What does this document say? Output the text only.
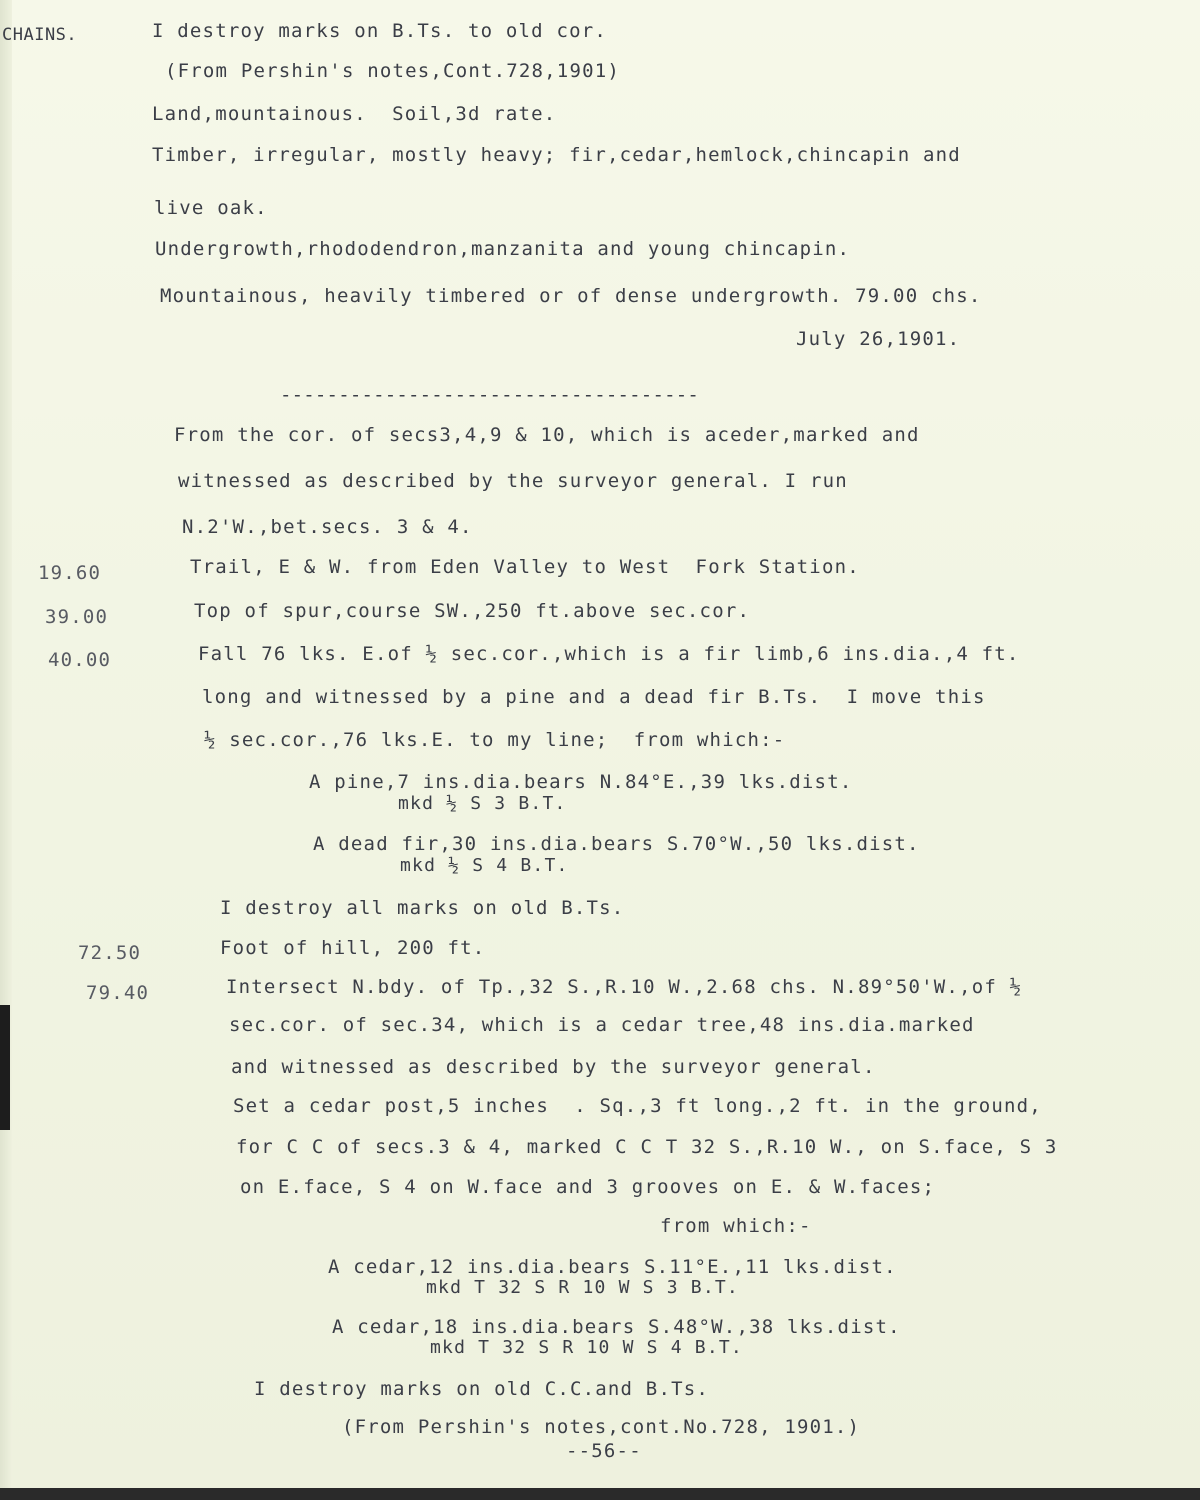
CHAINS.	I destroy marks on B.Ts. to old cor.
(From Pershin's notes,Cont.728,1901)
Land,mountainous.  Soil,3d rate.
Timber, irregular, mostly heavy; fir,cedar,hemlock,chincapin and
live oak.
Undergrowth,rhododendron,manzanita and young chincapin.
Mountainous, heavily timbered or of dense undergrowth. 79.00 chs.
July 26,1901.
------------------------------------
From the cor. of secs3,4,9 & 10, which is aceder,marked and
witnessed as described by the surveyor general. I run
N.2'W.,bet.secs. 3 & 4.
19.60	Trail, E & W. from Eden Valley to West  Fork Station.
39.00	Top of spur,course SW.,250 ft.above sec.cor.
40.00	Fall 76 lks. E.of ½ sec.cor.,which is a fir limb,6 ins.dia.,4 ft.
long and witnessed by a pine and a dead fir B.Ts.  I move this
½ sec.cor.,76 lks.E. to my line;  from which:-
A pine,7 ins.dia.bears N.84°E.,39 lks.dist.
mkd ½ S 3 B.T.
A dead fir,30 ins.dia.bears S.70°W.,50 lks.dist.
mkd ½ S 4 B.T.
I destroy all marks on old B.Ts.
72.50	Foot of hill, 200 ft.
79.40	Intersect N.bdy. of Tp.,32 S.,R.10 W.,2.68 chs. N.89°50'W.,of ½
sec.cor. of sec.34, which is a cedar tree,48 ins.dia.marked
and witnessed as described by the surveyor general.
Set a cedar post,5 inches  . Sq.,3 ft long.,2 ft. in the ground,
for C C of secs.3 & 4, marked C C T 32 S.,R.10 W., on S.face, S 3
on E.face, S 4 on W.face and 3 grooves on E. & W.faces;
from which:-
A cedar,12 ins.dia.bears S.11°E.,11 lks.dist.
mkd T 32 S R 10 W S 3 B.T.
A cedar,18 ins.dia.bears S.48°W.,38 lks.dist.
mkd T 32 S R 10 W S 4 B.T.
I destroy marks on old C.C.and B.Ts.
(From Pershin's notes,cont.No.728, 1901.)
--56--
